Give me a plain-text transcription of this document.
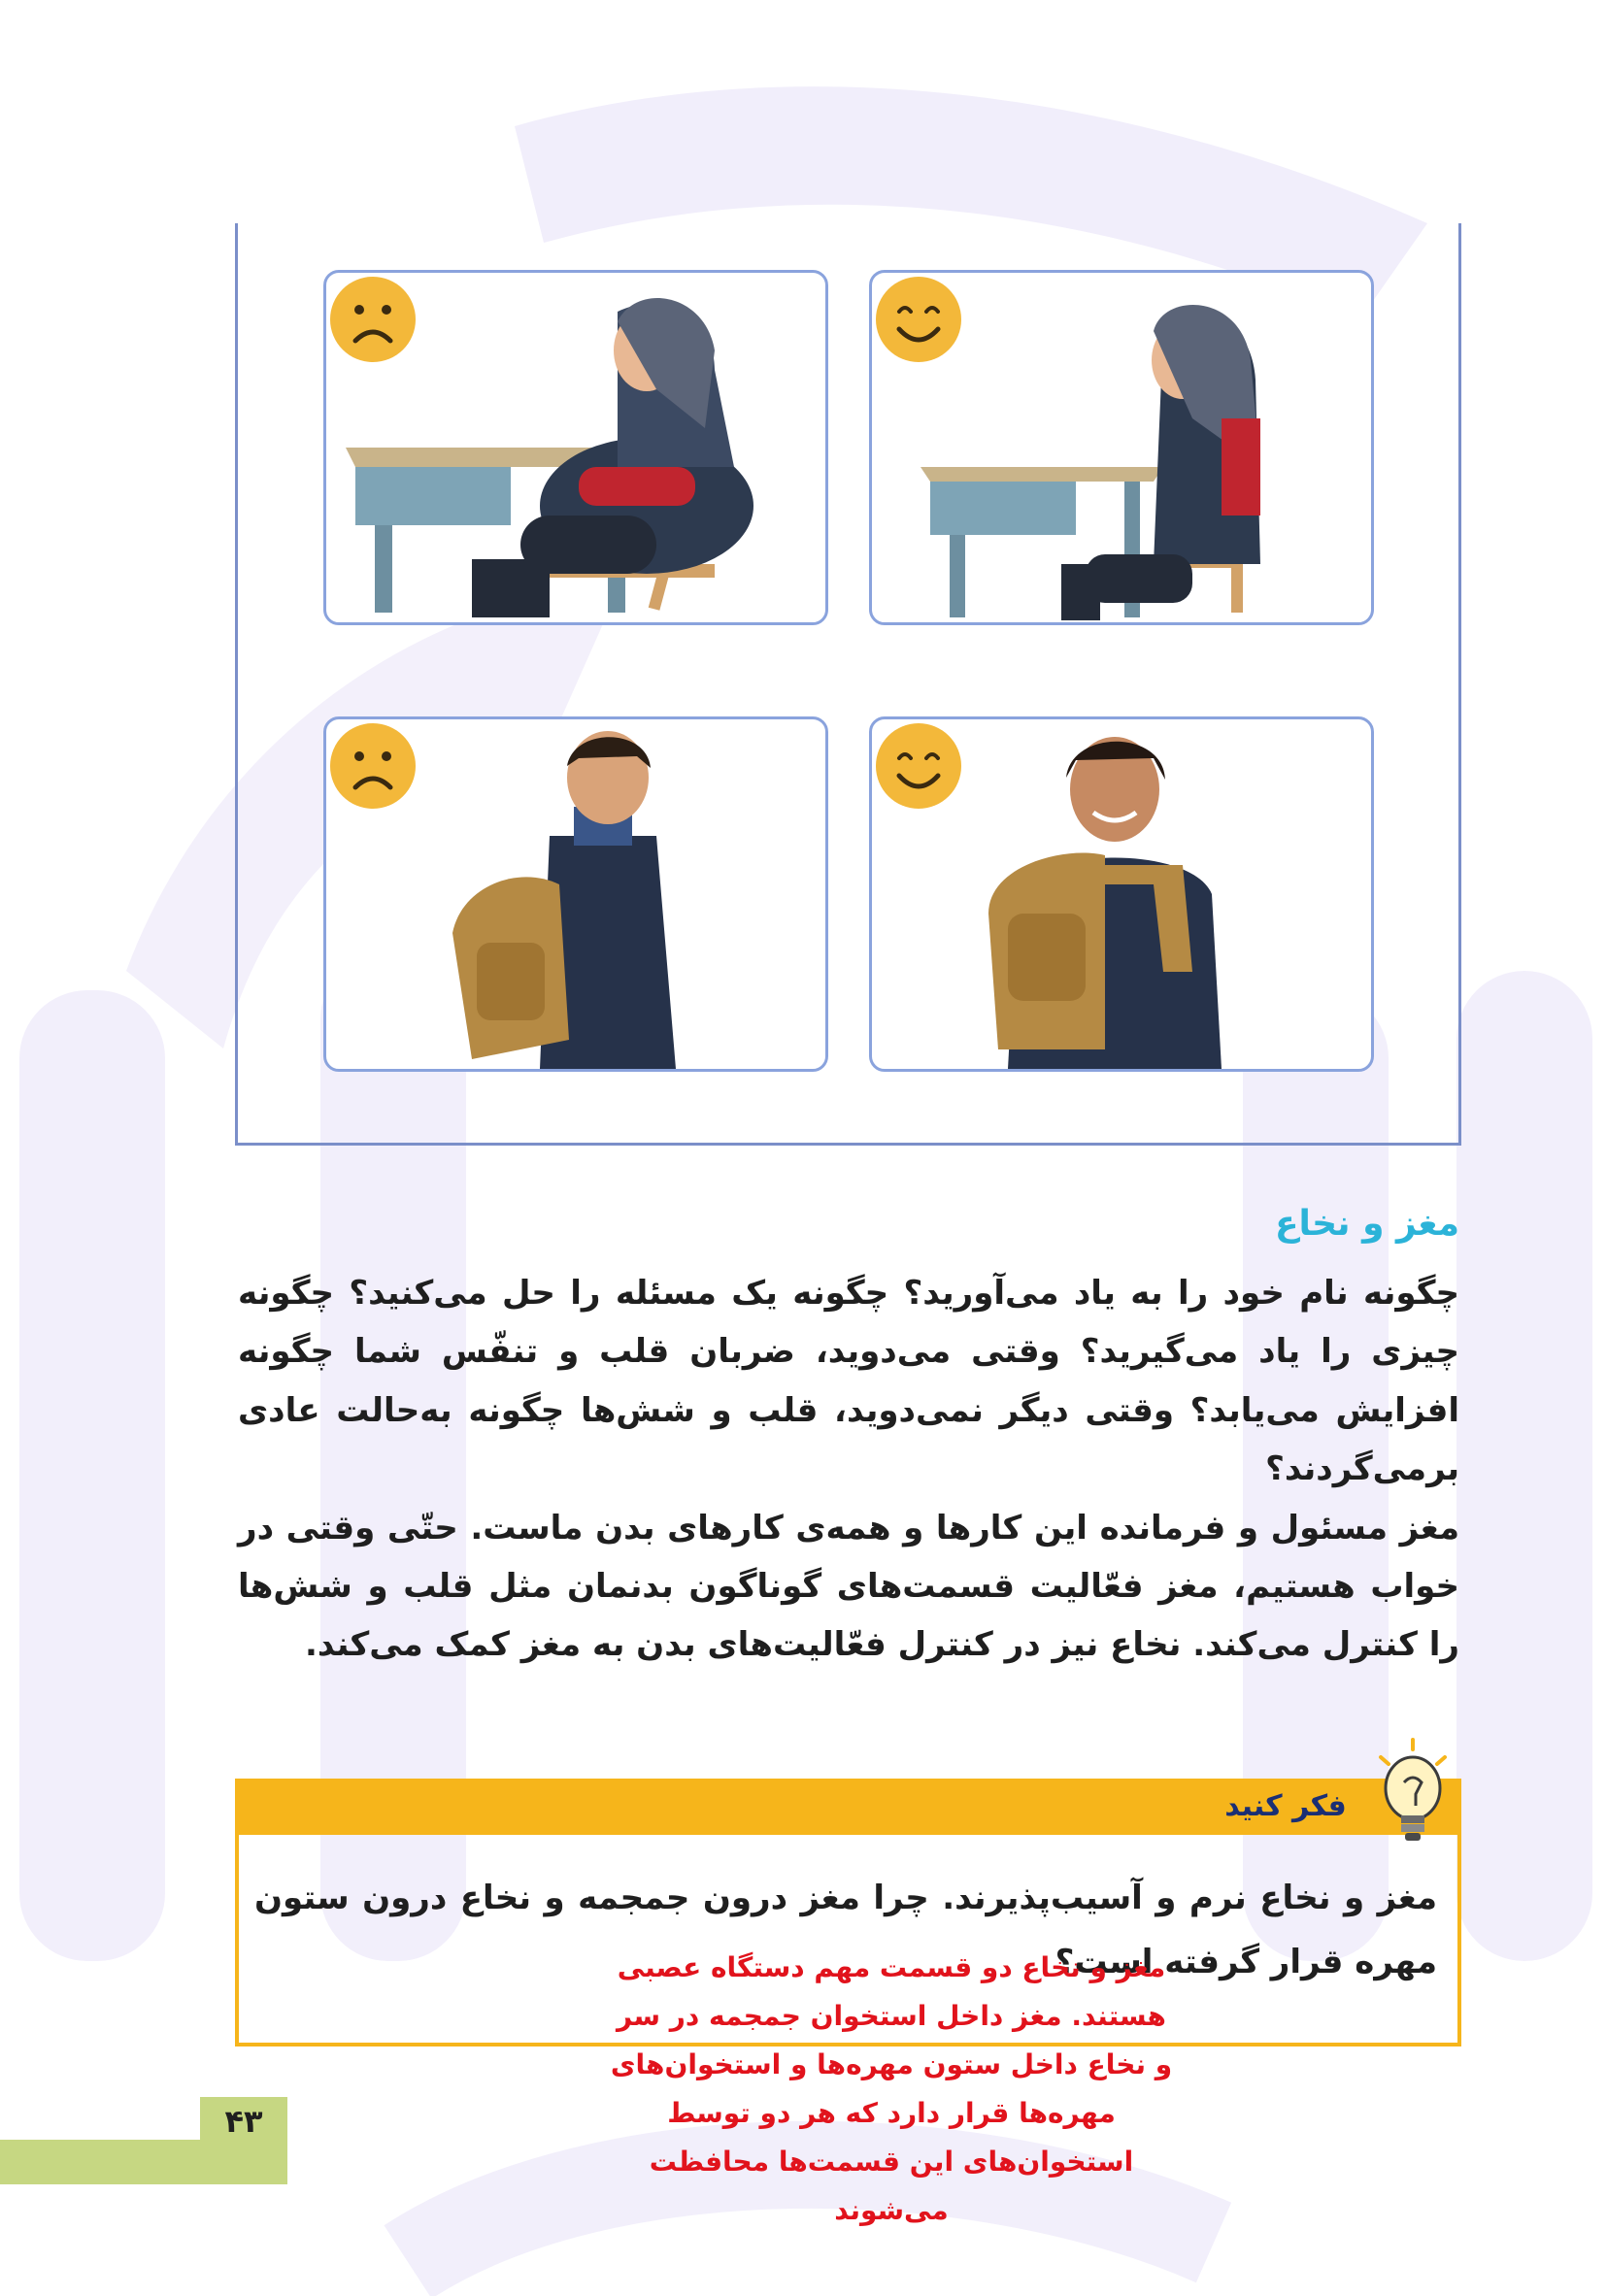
مغز و نخاع

چگونه نام خود را به یاد می‌آورید؟ چگونه یک مسئله را حل می‌کنید؟ چگونه چیزی را یاد می‌گیرید؟ وقتی می‌دوید، ضربان قلب و تنفّس شما چگونه افزایش می‌یابد؟ وقتی دیگر نمی‌دوید، قلب و شش‌ها چگونه به‌حالت عادی برمی‌گردند؟

مغز مسئول و فرمانده این کارها و همه‌ی کارهای بدن ماست. حتّی وقتی در خواب هستیم، مغز فعّالیت قسمت‌های گوناگون بدنمان مثل قلب و شش‌ها را کنترل می‌کند. نخاع نیز در کنترل فعّالیت‌های بدن به مغز کمک می‌کند.

فکر کنید

مغز و نخاع نرم و آسیب‌پذیرند. چرا مغز درون جمجمه و نخاع درون ستون مهره قرار گرفته است؟

مغز و نخاع دو قسمت مهم دستگاه عصبی هستند. مغز داخل استخوان جمجمه در سر و نخاع داخل ستون مهره‌ها و استخوان‌های مهره‌ها قرار دارد که هر دو توسط استخوان‌های این قسمت‌ها محافظت می‌شوند
۴۳
